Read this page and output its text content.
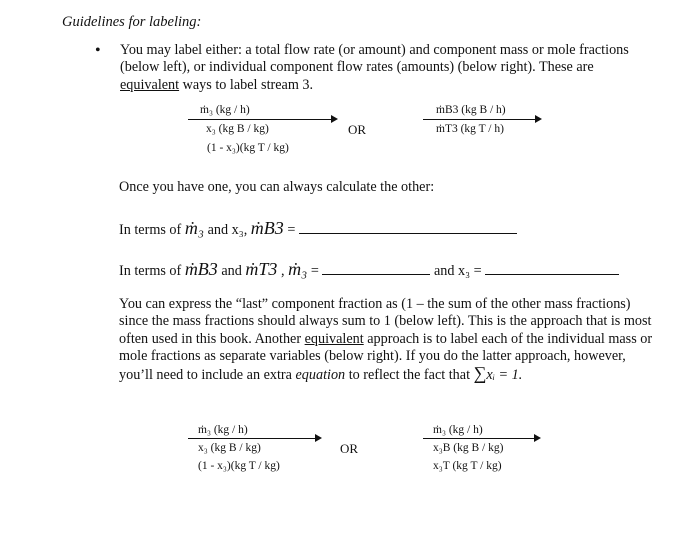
Guidelines for labeling:
• You may label either: a total flow rate (or amount) and component mass or mole fractions (below left), or individual component flow rates (amounts) (below right). These are equivalent ways to label stream 3.
ṁ₃ (kg / h)
x₃ (kg B / kg)
(1 - x₃)(kg T / kg)
OR
ṁB3 (kg B / h)
ṁT3 (kg T / h)
Once you have one, you can always calculate the other:
In terms of ṁ₃ and x₃, ṁB3 =
In terms of ṁB3 and ṁT3 , ṁ₃ =	and x₃ =
You can express the “last” component fraction as (1 – the sum of the other mass fractions) since the mass fractions should always sum to 1 (below left). This is the approach that is most often used in this book. Another equivalent approach is to label each of the individual mass or mole fractions as separate variables (below right). If you do the latter approach, however, you’ll need to include an extra equation to reflect the fact that ∑xᵢ = 1.
ṁ₃ (kg / h)
x₃ (kg B / kg)
(1 - x₃)(kg T / kg)
OR
ṁ₃ (kg / h)
x₃B (kg B / kg)
x₃T (kg T / kg)
